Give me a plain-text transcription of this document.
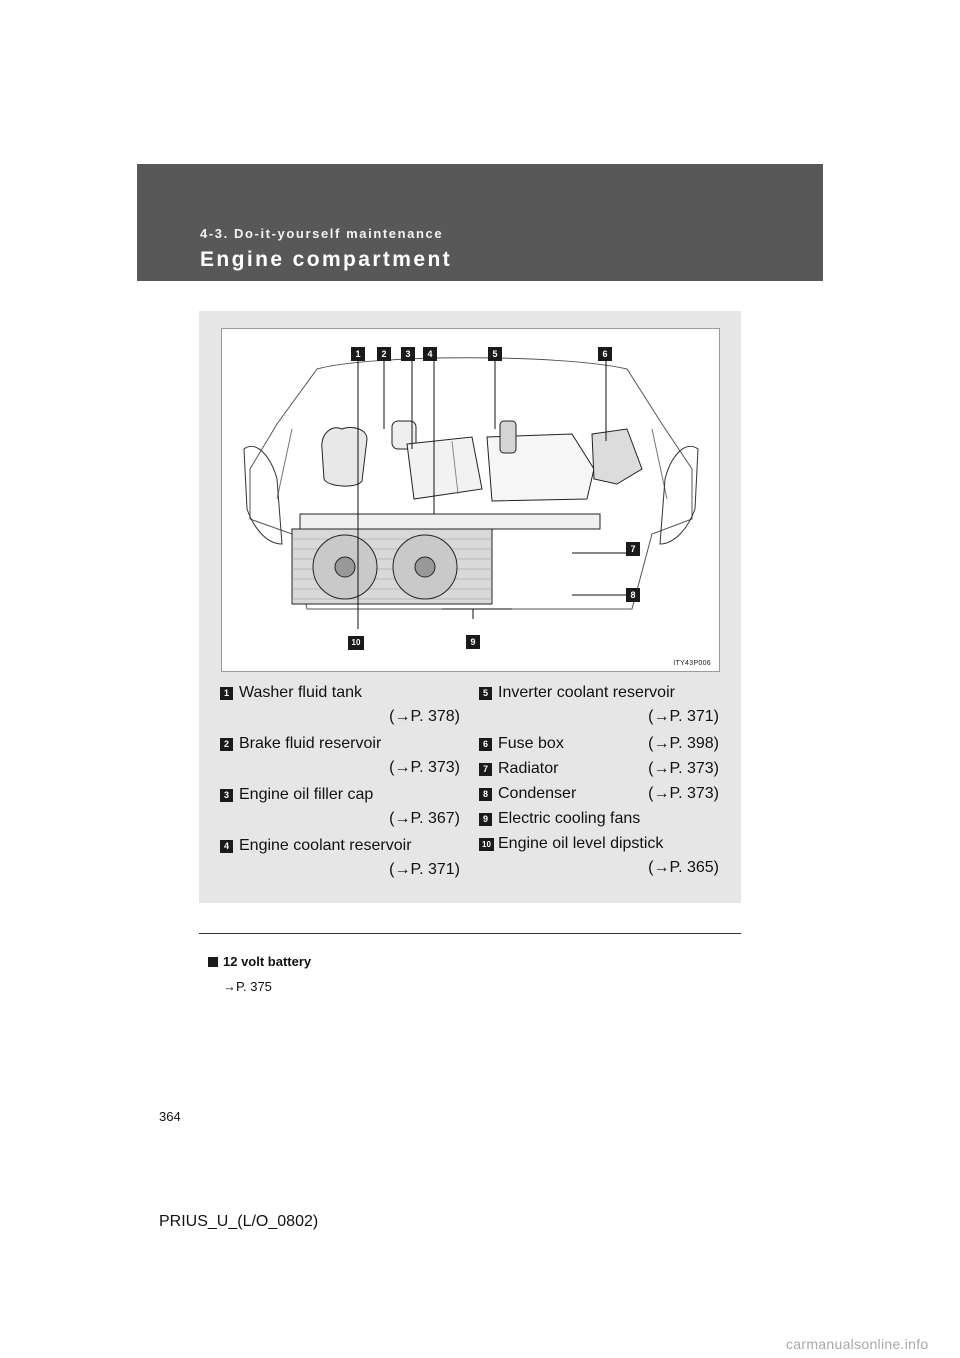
4-3. Do-it-yourself maintenance
Engine compartment
1	2	3	4	5	6
7
8
9
10
ITY43P006
1 Washer fluid tank
(→P. 378)
2 Brake fluid reservoir
(→P. 373)
3 Engine oil filler cap
(→P. 367)
4 Engine coolant reservoir
(→P. 371)
5 Inverter coolant reservoir
(→P. 371)
6 Fuse box	(→P. 398)
7 Radiator	(→P. 373)
8 Condenser	(→P. 373)
9 Electric cooling fans
10 Engine oil level dipstick
(→P. 365)
12 volt battery
→P. 375
364
PRIUS_U_(L/O_0802)
carmanualsonline.info
